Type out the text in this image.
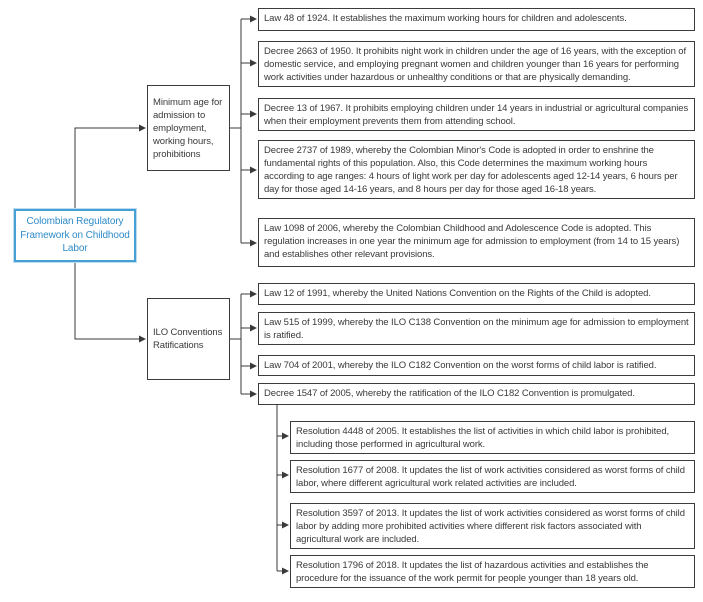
Colombian Regulatory Framework on Childhood Labor
Minimum age for admission to employment, working hours, prohibitions
ILO Conventions Ratifications
Law 48 of 1924. It establishes the maximum working hours for children and adolescents.
Decree 2663 of 1950. It prohibits night work in children under the age of 16 years, with the exception of domestic service, and employing pregnant women and children younger than 16 years for performing work activities under hazardous or unhealthy conditions or that are physically demanding.
Decree 13 of 1967. It prohibits employing children under 14 years in industrial or agricultural companies when their employment prevents them from attending school.
Decree 2737 of 1989, whereby the Colombian Minor's Code is adopted in order to enshrine the fundamental rights of this population. Also, this Code determines the maximum working hours according to age ranges: 4 hours of light work per day for adolescents aged 12-14 years, 6 hours per day for those aged 14-16 years, and 8 hours per day for those aged 16-18 years.
Law 1098 of 2006, whereby the Colombian Childhood and Adolescence Code is adopted. This regulation increases in one year the minimum age for admission to employment (from 14 to 15 years) and establishes other relevant provisions.
Law 12 of 1991, whereby the United Nations Convention on the Rights of the Child is adopted.
Law 515 of 1999, whereby the ILO C138 Convention on the minimum age for admission to employment is ratified.
Law 704 of 2001, whereby the ILO C182 Convention on the worst forms of child labor is ratified.
Decree 1547 of 2005, whereby the ratification of the ILO C182 Convention is promulgated.
Resolution 4448 of 2005. It establishes the list of activities in which child labor is prohibited, including those performed in agricultural work.
Resolution 1677 of 2008. It updates the list of work activities considered as worst forms of child labor, where different agricultural work related activities are included.
Resolution 3597 of 2013. It updates the list of work activities considered as worst forms of child labor by adding more prohibited activities where different risk factors associated with agricultural work are included.
Resolution 1796 of 2018. It updates the list of hazardous activities and establishes the procedure for the issuance of the work permit for people younger than 18 years old.
